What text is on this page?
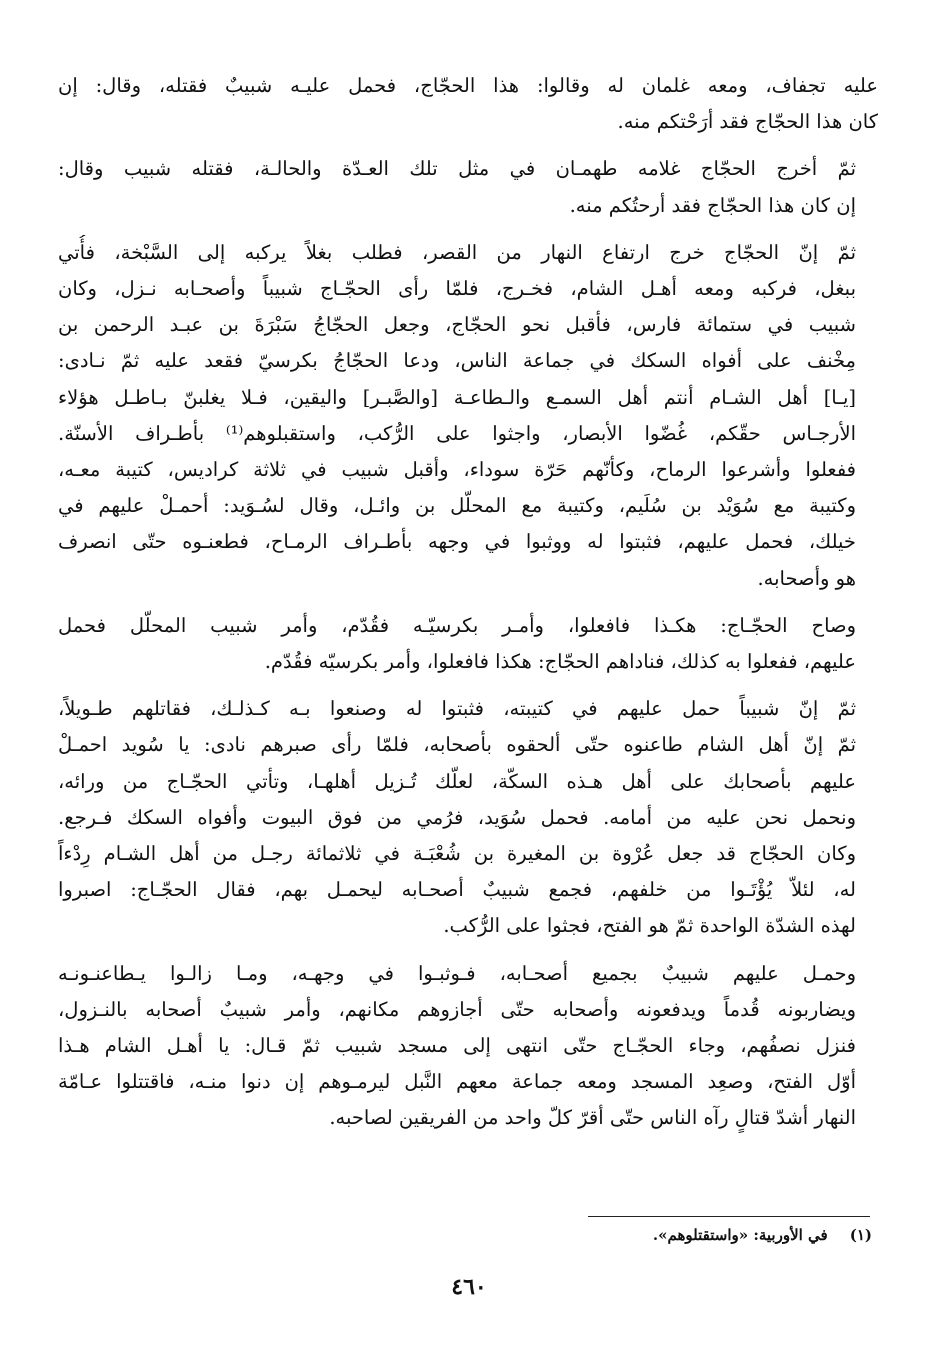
عليه تجفاف، ومعه غلمان له وقالوا: هذا الحجّاج، فحمل عليـه شبيبٌ فقتله، وقال: إن
كان هذا الحجّاج فقد أرَحْتكم منه.
ثمّ أخرج الحجّاج غلامه طهمـان في مثل تلك العـدّة والحالـة، فقتله شبيب وقال:
إن كان هذا الحجّاج فقد أرحتُكم منه.
ثمّ إنّ الحجّاج خرج ارتفاع النهار من القصر، فطلب بغلاً يركبه إلى السَّبْخة، فأُتي
ببغل، فركبه ومعه أهـل الشام، فخـرج، فلمّا رأى الحجّـاج شبيباً وأصحـابه نـزل، وكان
شبيب في ستمائة فارس، فأقبل نحو الحجّاج، وجعل الحجّاجُ سَبْرَةَ بن عبـد الرحمن بن
مِخْنف على أفواه السكك في جماعة الناس، ودعا الحجّاجُ بكرسيّ فقعد عليه ثمّ نـادى:
[يـا] أهل الشـام أنتم أهل السمـع والـطاعـة [والصَّبـر] واليقين، فـلا يغلبنّ بـاطـل هؤلاء
الأرجـاس حقّكم، غُضّوا الأبصار، واجثوا على الرُّكب، واستقبلوهم⁽¹⁾ بأطـراف الأسنّة.
ففعلوا وأشرعوا الرماح، وكأنّهم حَرّة سوداء، وأقبل شبيب في ثلاثة كراديس، كتيبة معـه،
وكتيبة مع سُوَيْد بن سُلَيم، وكتيبة مع المحلّل بن وائـل، وقال لسُـوَيد: أحمـلْ عليهم في
خيلك، فحمل عليهم، فثبتوا له ووثبوا في وجهه بأطـراف الرمـاح، فطعنـوه حتّى انصرف
هو وأصحابه.
وصاح الحجّـاج: هكـذا فافعلوا، وأمـر بكرسيّـه فقُدّم، وأمر شبيب المحلّل فحمل
عليهم، ففعلوا به كذلك، فناداهم الحجّاج: هكذا فافعلوا، وأمر بكرسيّه فقُدّم.
ثمّ إنّ شبيباً حمل عليهم في كتيبته، فثبتوا له وصنعوا بـه كـذلـك، فقاتلهم طـويلاً،
ثمّ إنّ أهل الشام طاعنوه حتّى ألحقوه بأصحابه، فلمّا رأى صبرهم نادى: يا سُويد احمـلْ
عليهم بأصحابك على أهل هـذه السكّة، لعلّك تُـزيل أهلهـا، وتأتي الحجّـاج من ورائه،
ونحمل نحن عليه من أمامه. فحمل سُوَيد، فرُمي من فوق البيوت وأفواه السكك فـرجع.
وكان الحجّاج قد جعل عُرْوة بن المغيرة بن شُعْبَـة في ثلاثمائة رجـل من أهل الشـام رِدْءاً
له، لئلاّ يُؤْتَـوا من خلفهم، فجمع شبيبٌ أصحـابه ليحمـل بهم، فقال الحجّـاج: اصبروا
لهذه الشدّة الواحدة ثمّ هو الفتح، فجثوا على الرُّكب.
وحمـل عليهم شبيبٌ بجميع أصحـابه، فـوثبـوا في وجهـه، ومـا زالـوا يـطاعنـونـه
ويضاربونه قُدماً ويدفعونه وأصحابه حتّى أجازوهم مكانهم، وأمر شبيبٌ أصحابه بالنـزول،
فنزل نصفُهم، وجاء الحجّـاج حتّى انتهى إلى مسجد شبيب ثمّ قـال: يا أهـل الشام هـذا
أوّل الفتح، وصعِد المسجد ومعه جماعة معهم النَّبل ليرمـوهم إن دنوا منـه، فاقتتلوا عـامّة
النهار أشدّ قتالٍ رآه الناس حتّى أقرّ كلّ واحد من الفريقين لصاحبه.
(١)في الأوربية: «واستقتلوهم».
٤٦٠
